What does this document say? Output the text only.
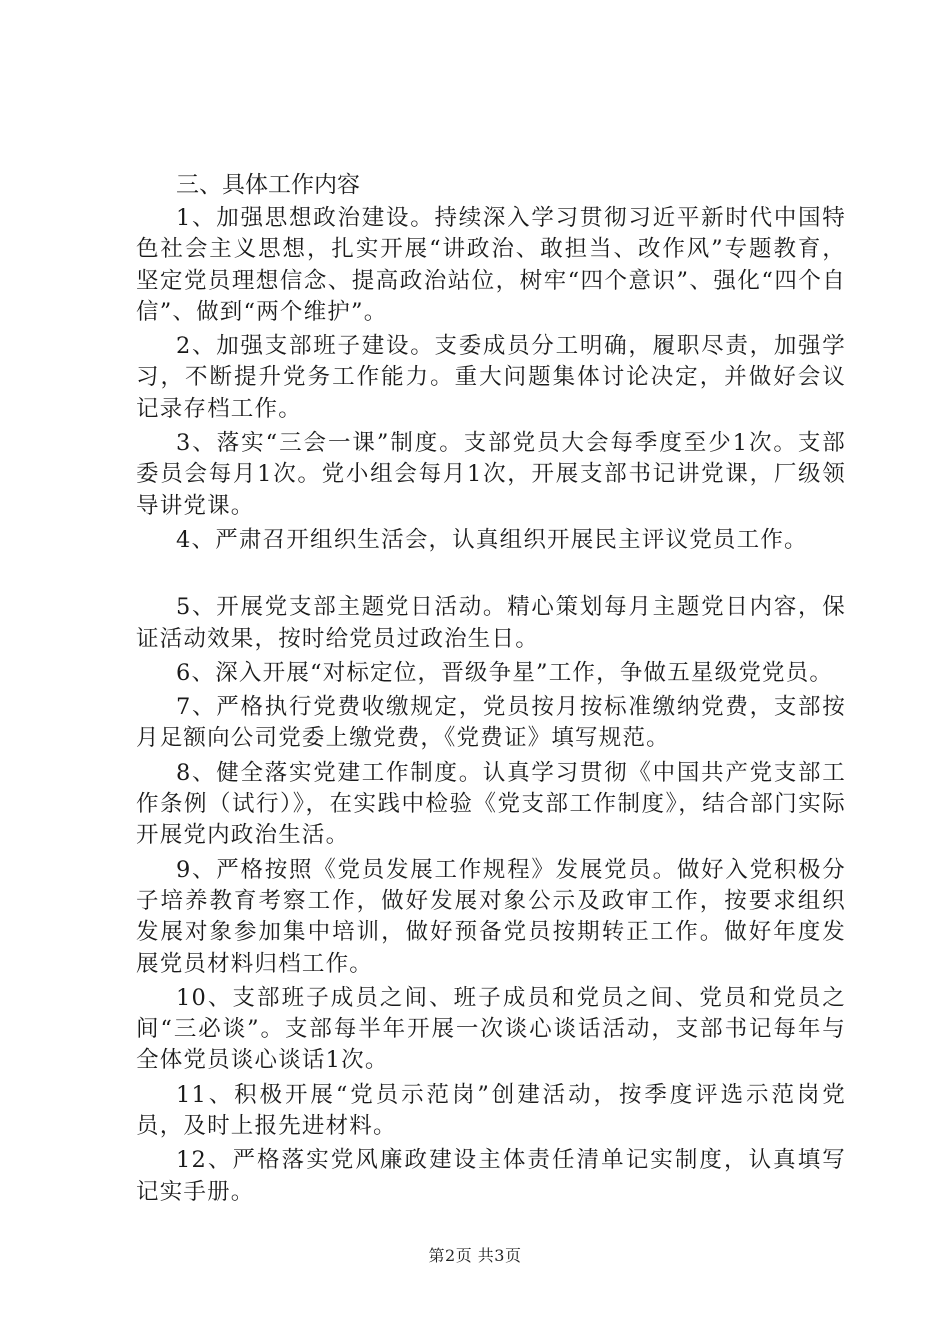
三、具体工作内容

1、加强思想政治建设。持续深入学习贯彻习近平新时代中国特色社会主义思想，扎实开展“讲政治、敢担当、改作风”专题教育，坚定党员理想信念、提高政治站位，树牢“四个意识”、强化“四个自信”、做到“两个维护”。

2、加强支部班子建设。支委成员分工明确，履职尽责，加强学习，不断提升党务工作能力。重大问题集体讨论决定，并做好会议记录存档工作。

3、落实“三会一课”制度。支部党员大会每季度至少1次。支部委员会每月1次。党小组会每月1次，开展支部书记讲党课，厂级领导讲党课。

4、严肃召开组织生活会，认真组织开展民主评议党员工作。

5、开展党支部主题党日活动。精心策划每月主题党日内容，保证活动效果，按时给党员过政治生日。

6、深入开展“对标定位，晋级争星”工作，争做五星级党党员。

7、严格执行党费收缴规定，党员按月按标准缴纳党费，支部按月足额向公司党委上缴党费，《党费证》填写规范。

8、健全落实党建工作制度。认真学习贯彻《中国共产党支部工作条例（试行）》，在实践中检验《党支部工作制度》，结合部门实际开展党内政治生活。

9、严格按照《党员发展工作规程》发展党员。做好入党积极分子培养教育考察工作，做好发展对象公示及政审工作，按要求组织发展对象参加集中培训，做好预备党员按期转正工作。做好年度发展党员材料归档工作。

10、支部班子成员之间、班子成员和党员之间、党员和党员之间“三必谈”。支部每半年开展一次谈心谈话活动，支部书记每年与全体党员谈心谈话1次。

11、积极开展“党员示范岗”创建活动，按季度评选示范岗党员，及时上报先进材料。

12、严格落实党风廉政建设主体责任清单记实制度，认真填写记实手册。

第2页 共3页
